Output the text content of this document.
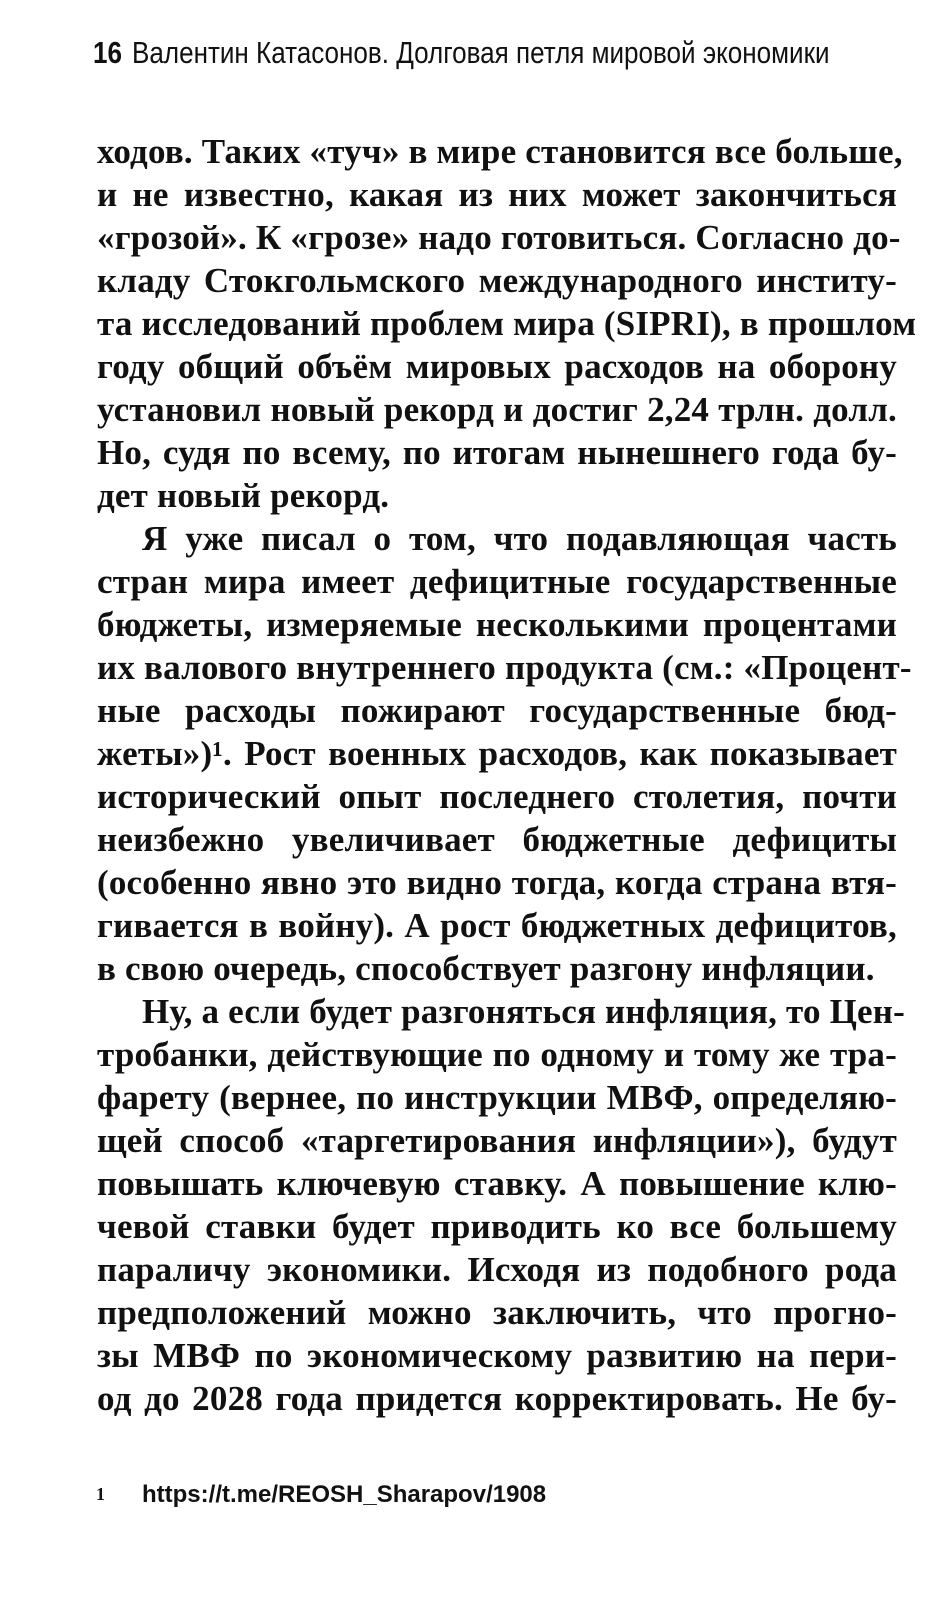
16 Валентин Катасонов. Долговая петля мировой экономики
ходов. Таких «туч» в мире становится все больше,
и не известно, какая из них может закончиться
«грозой». К «грозе» надо готовиться. Согласно до-
кладу Стокгольмского международного институ-
та исследований проблем мира (SIPRI), в прошлом
году общий объём мировых расходов на оборону
установил новый рекорд и достиг 2,24 трлн. долл.
Но, судя по всему, по итогам нынешнего года бу-
дет новый рекорд.
Я уже писал о том, что подавляющая часть
стран мира имеет дефицитные государственные
бюджеты, измеряемые несколькими процентами
их валового внутреннего продукта (см.: «Процент-
ные расходы пожирают государственные бюд-
жеты»)¹. Рост военных расходов, как показывает
исторический опыт последнего столетия, почти
неизбежно увеличивает бюджетные дефициты
(особенно явно это видно тогда, когда страна втя-
гивается в войну). А рост бюджетных дефицитов,
в свою очередь, способствует разгону инфляции.
Ну, а если будет разгоняться инфляция, то Цен-
тробанки, действующие по одному и тому же тра-
фарету (вернее, по инструкции МВФ, определяю-
щей способ «таргетирования инфляции»), будут
повышать ключевую ставку. А повышение клю-
чевой ставки будет приводить ко все большему
параличу экономики. Исходя из подобного рода
предположений можно заключить, что прогно-
зы МВФ по экономическому развитию на пери-
од до 2028 года придется корректировать. Не бу-
1 https://t.me/REOSH_Sharapov/1908
